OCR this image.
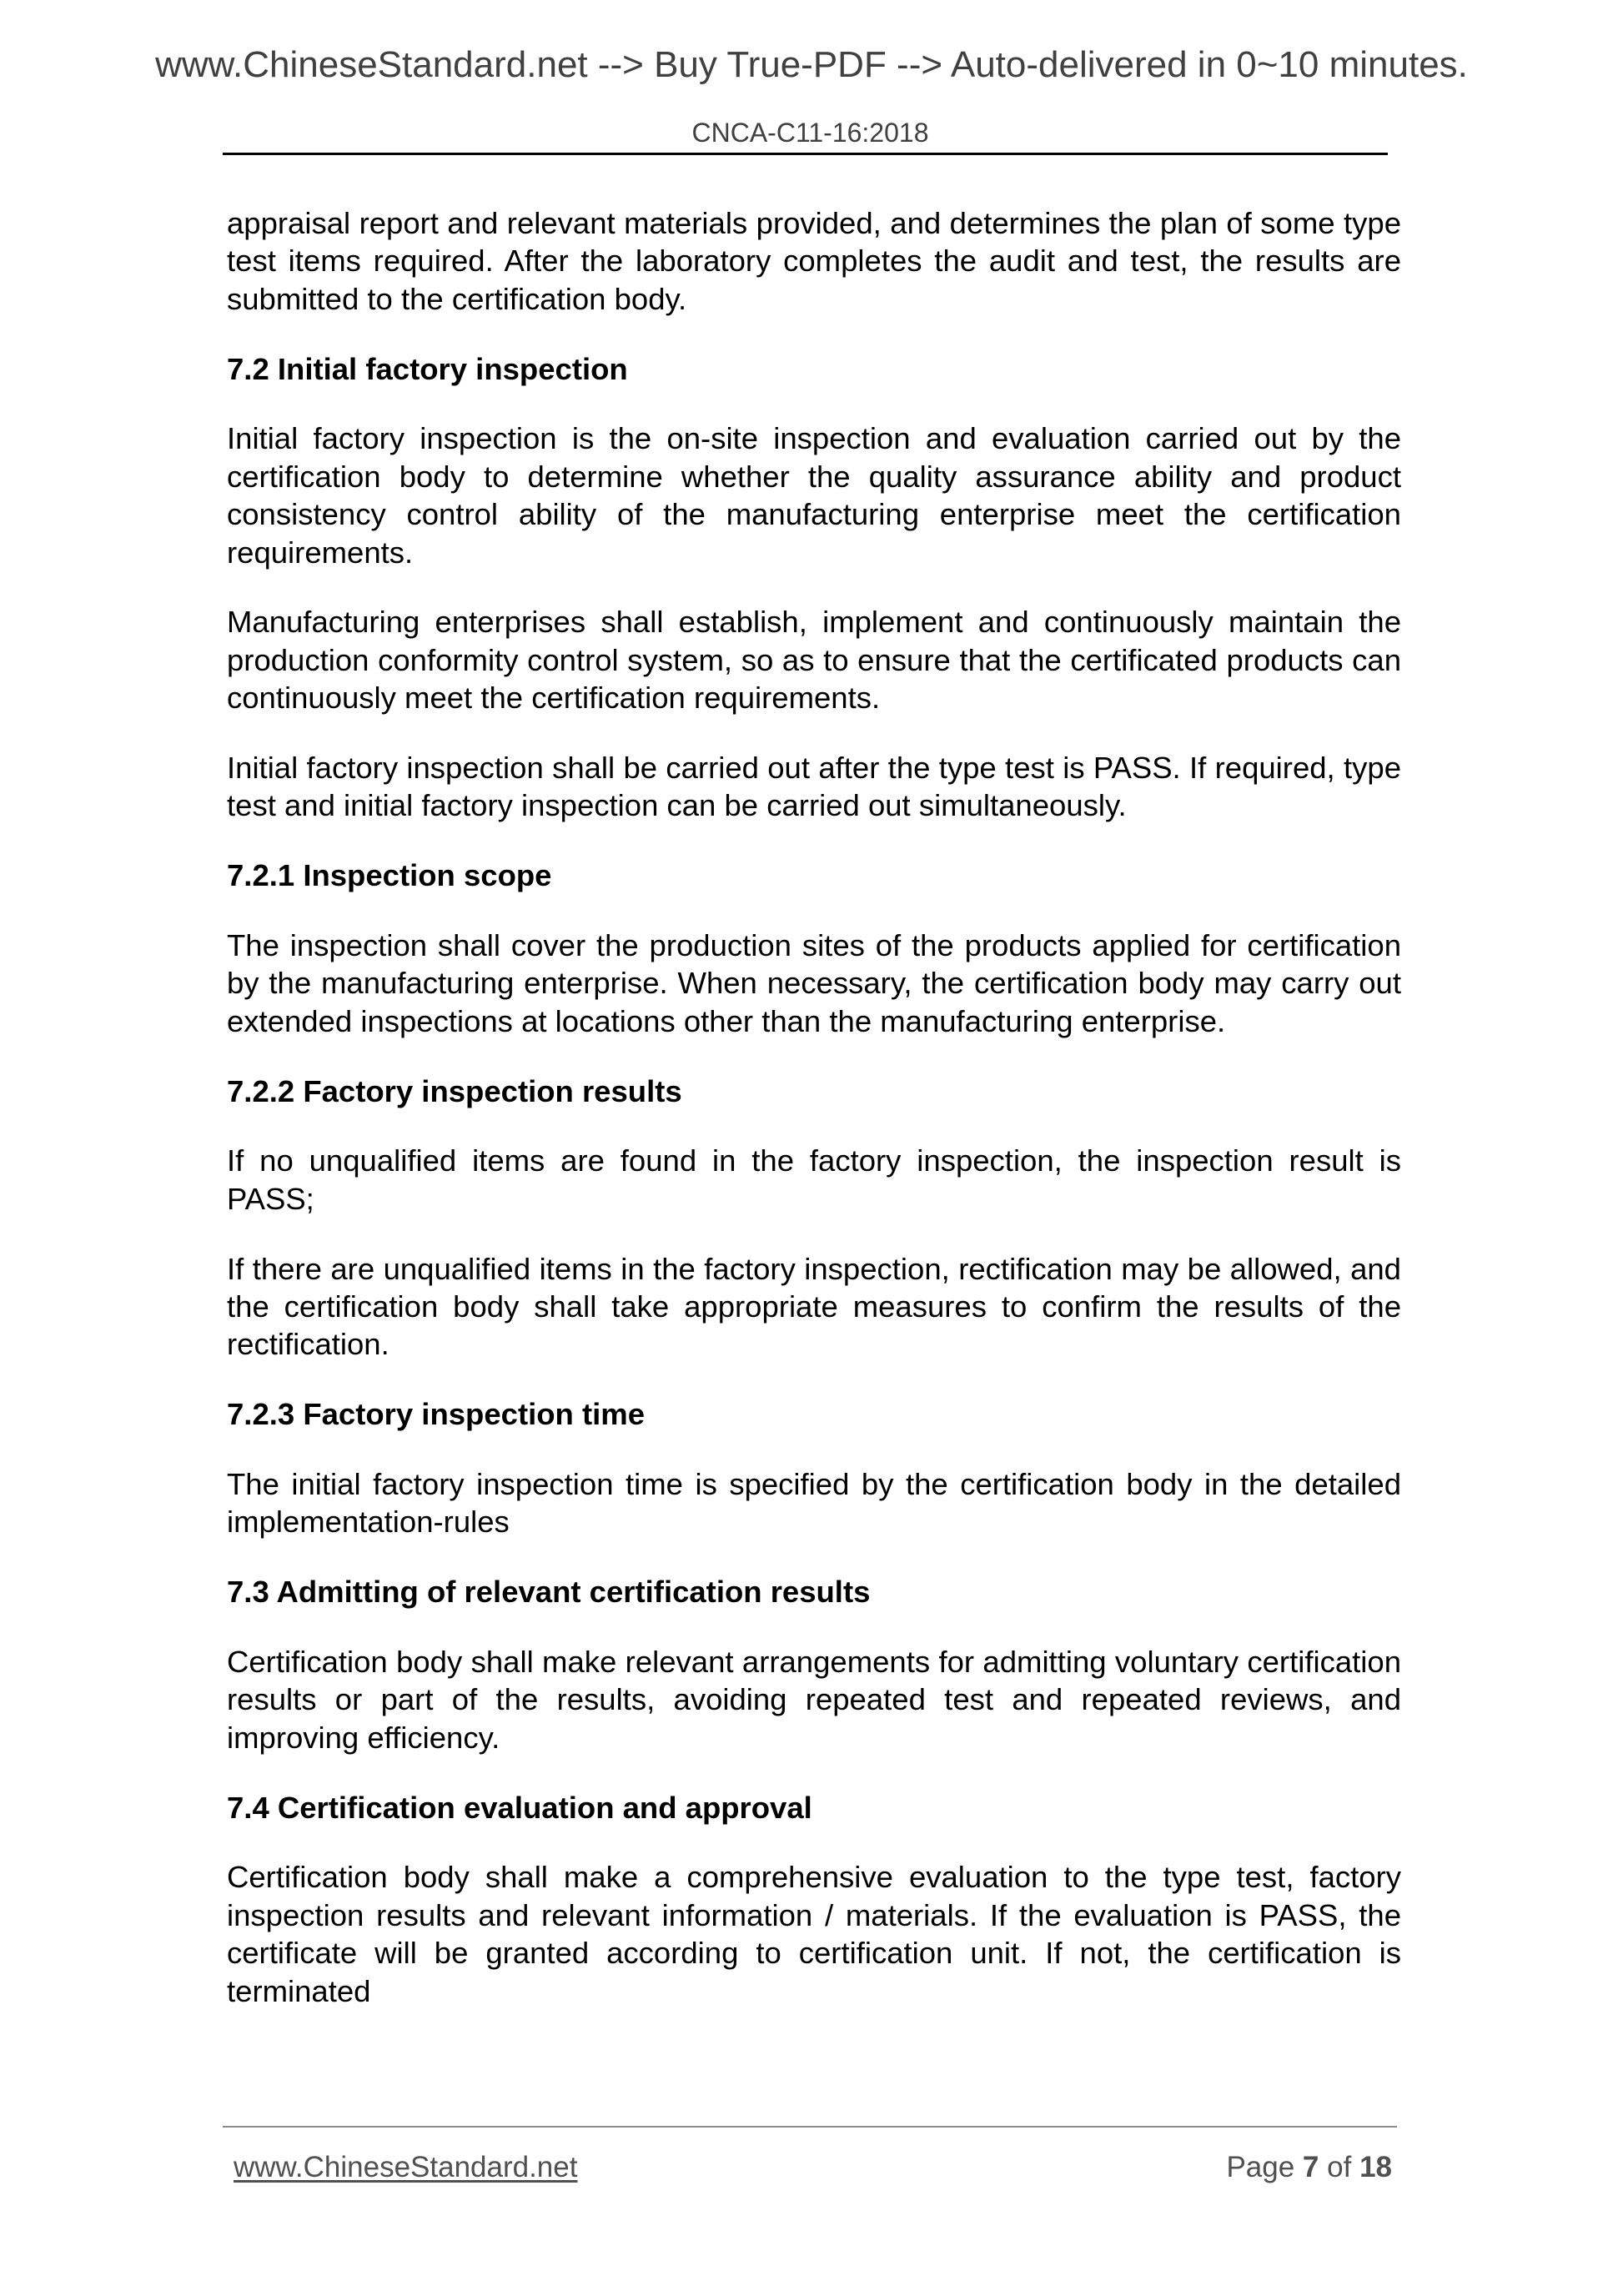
www.ChineseStandard.net --> Buy True-PDF --> Auto-delivered in 0~10 minutes.
CNCA-C11-16:2018

appraisal report and relevant materials provided, and determines the plan of some type test items required. After the laboratory completes the audit and test, the results are submitted to the certification body.

7.2 Initial factory inspection

Initial factory inspection is the on-site inspection and evaluation carried out by the certification body to determine whether the quality assurance ability and product consistency control ability of the manufacturing enterprise meet the certification requirements.

Manufacturing enterprises shall establish, implement and continuously maintain the production conformity control system, so as to ensure that the certificated products can continuously meet the certification requirements.

Initial factory inspection shall be carried out after the type test is PASS. If required, type test and initial factory inspection can be carried out simultaneously.

7.2.1 Inspection scope

The inspection shall cover the production sites of the products applied for certification by the manufacturing enterprise. When necessary, the certification body may carry out extended inspections at locations other than the manufacturing enterprise.

7.2.2 Factory inspection results

If no unqualified items are found in the factory inspection, the inspection result is PASS;

If there are unqualified items in the factory inspection, rectification may be allowed, and the certification body shall take appropriate measures to confirm the results of the rectification.

7.2.3 Factory inspection time

The initial factory inspection time is specified by the certification body in the detailed implementation-rules

7.3 Admitting of relevant certification results

Certification body shall make relevant arrangements for admitting voluntary certification results or part of the results, avoiding repeated test and repeated reviews, and improving efficiency.

7.4 Certification evaluation and approval

Certification body shall make a comprehensive evaluation to the type test, factory inspection results and relevant information / materials. If the evaluation is PASS, the certificate will be granted according to certification unit. If not, the certification is terminated

www.ChineseStandard.net	Page 7 of 18
